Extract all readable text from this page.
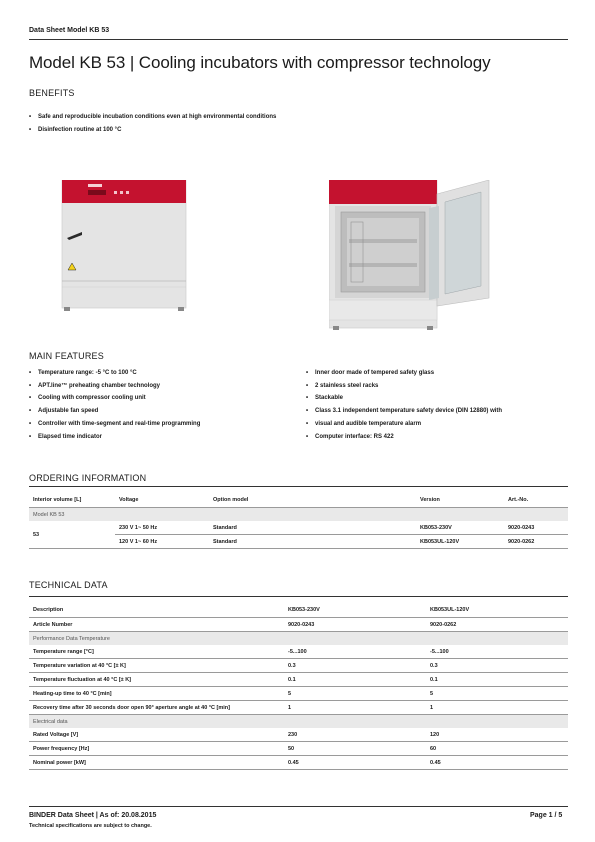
Data Sheet Model KB 53
Model KB 53 | Cooling incubators with compressor technology
BENEFITS
• Safe and reproducible incubation conditions even at high environmental conditions
• Disinfection routine at 100 °C
MAIN FEATURES
• Temperature range: -5 °C to 100 °C
• APT.line™ preheating chamber technology
• Cooling with compressor cooling unit
• Adjustable fan speed
• Controller with time-segment and real-time programming
• Elapsed time indicator
• Inner door made of tempered safety glass
• 2 stainless steel racks
• Stackable
• Class 3.1 independent temperature safety device (DIN 12880) with
• visual and audible temperature alarm
• Computer interface: RS 422
ORDERING INFORMATION
Interior volume [L]	Voltage	Option model	Version	Art.-No.
Model KB 53				
53	230 V 1~ 50 Hz	Standard	KB053-230V	9020-0243
	120 V 1~ 60 Hz	Standard	KB053UL-120V	9020-0262
TECHNICAL DATA
Description	KB053-230V	KB053UL-120V
Article Number	9020-0243	9020-0262
Performance Data Temperature		
Temperature range [°C]	-5...100	-5...100
Temperature variation at 40 °C [± K]	0.3	0.3
Temperature fluctuation at 40 °C [± K]	0.1	0.1
Heating-up time to 40 °C [min]	5	5
Recovery time after 30 seconds door open 90° aperture angle at 40 °C [min]	1	1
Electrical data		
Rated Voltage [V]	230	120
Power frequency [Hz]	50	60
Nominal power [kW]	0.45	0.45
BINDER Data Sheet | As of: 20.08.2015
Technical specifications are subject to change.
Page 1 / 5
